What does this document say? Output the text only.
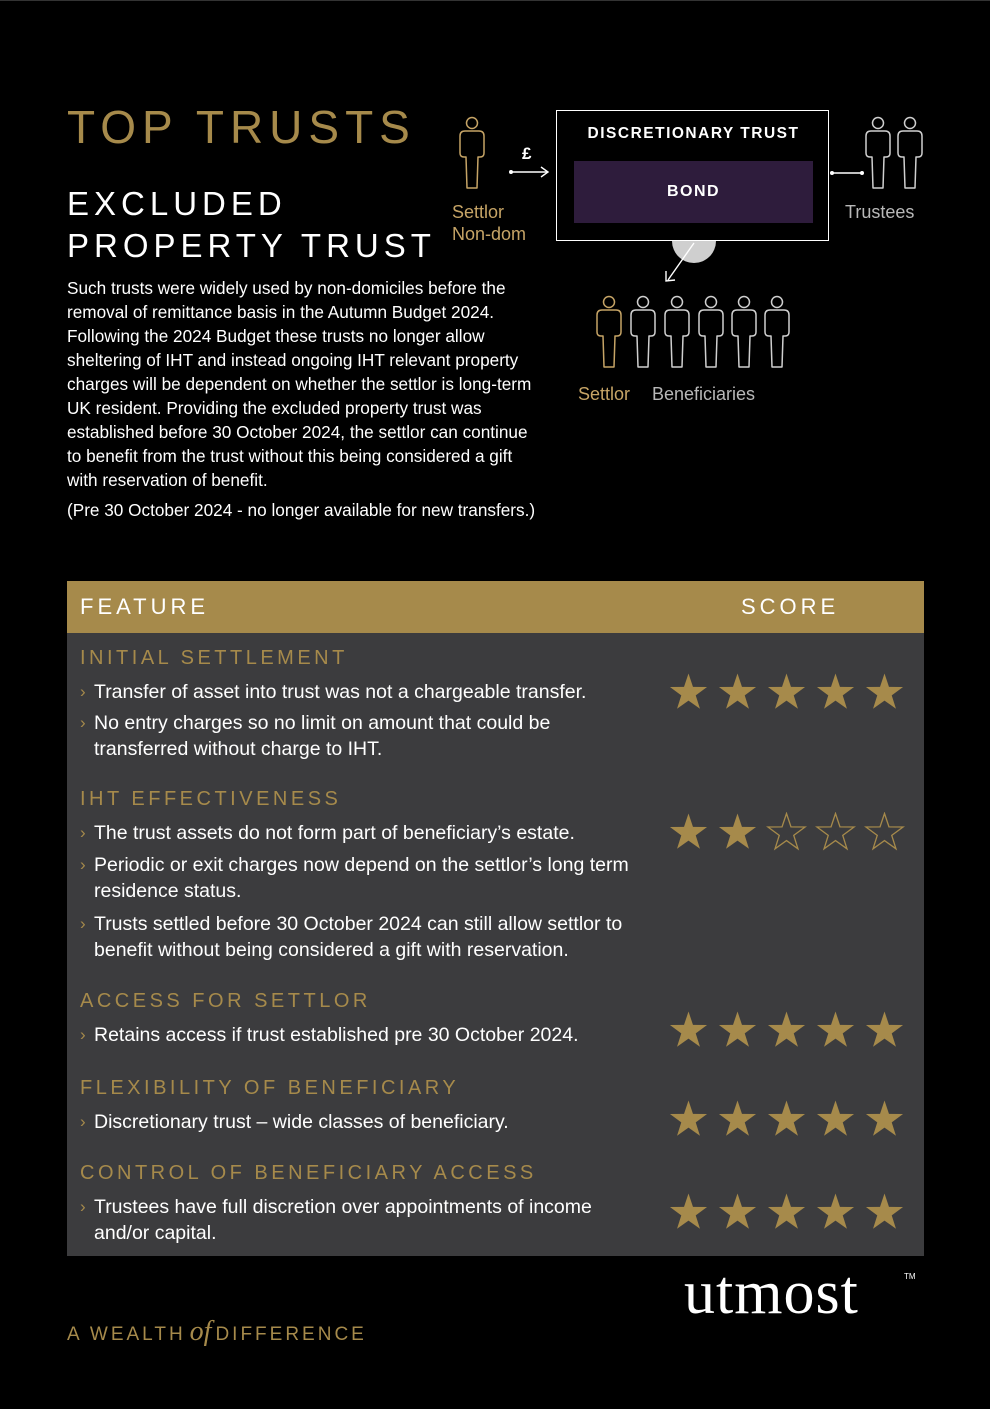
TOP TRUSTS
EXCLUDED
PROPERTY TRUST

Such trusts were widely used by non-domiciles before the removal of remittance basis in the Autumn Budget 2024. Following the 2024 Budget these trusts no longer allow sheltering of IHT and instead ongoing IHT relevant property charges will be dependent on whether the settlor is long-term UK resident. Providing the excluded property trust was established before 30 October 2024, the settlor can continue to benefit from the trust without this being considered a gift with reservation of benefit.

(Pre 30 October 2024 - no longer available for new transfers.)

£
Settlor
Non-dom
DISCRETIONARY TRUST
BOND
Trustees
Settlor Beneficiaries
FEATURE	SCORE
INITIAL SETTLEMENT
› Transfer of asset into trust was not a chargeable transfer.
› No entry charges so no limit on amount that could be transferred without charge to IHT.
IHT EFFECTIVENESS
› The trust assets do not form part of beneficiary’s estate.
› Periodic or exit charges now depend on the settlor’s long term residence status.
› Trusts settled before 30 October 2024 can still allow settlor to benefit without being considered a gift with reservation.
ACCESS FOR SETTLOR
› Retains access if trust established pre 30 October 2024.
FLEXIBILITY OF BENEFICIARY
› Discretionary trust – wide classes of beneficiary.
CONTROL OF BENEFICIARY ACCESS
› Trustees have full discretion over appointments of income and/or capital.
A WEALTH of DIFFERENCE
utmost	TM
